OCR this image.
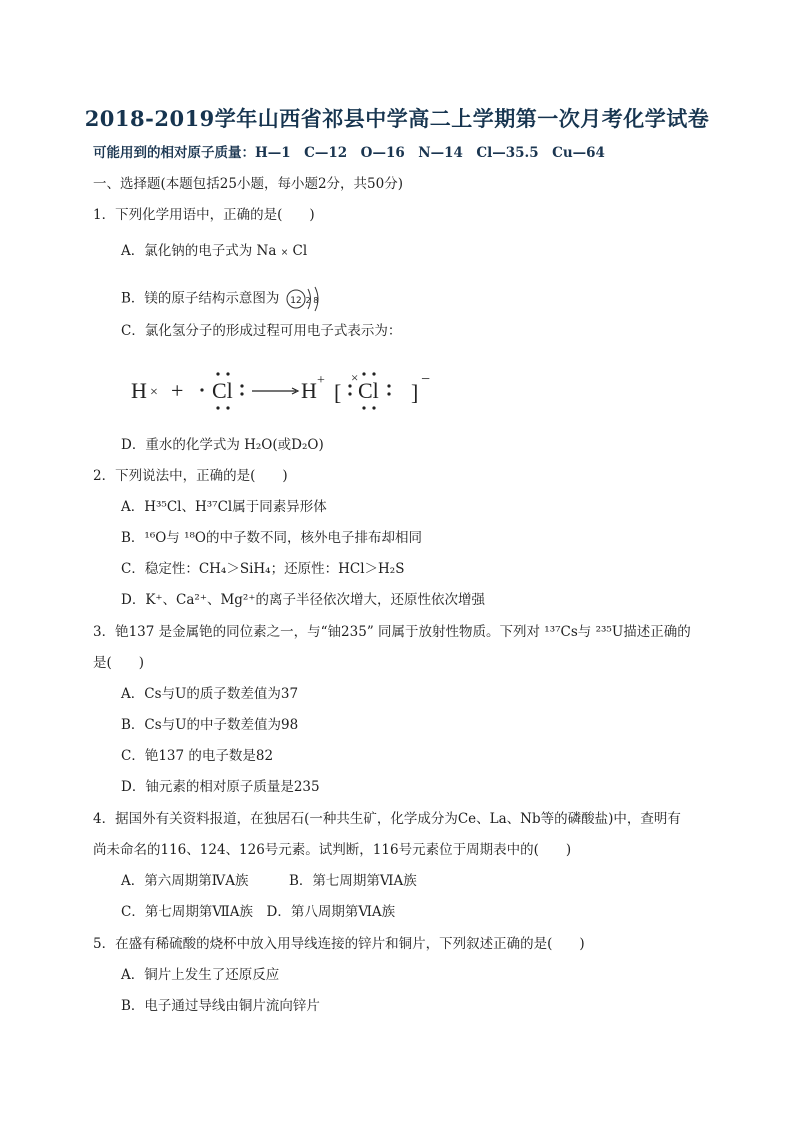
2018-2019学年山西省祁县中学高二上学期第一次月考化学试卷
可能用到的相对原子质量：H—1　C—12　O—16　N—14　Cl—35.5　Cu—64
一、选择题(本题包括25小题，每小题2分，共50分)
1．下列化学用语中，正确的是(　　)
A．氯化钠的电子式为 Na × Cl
B．镁的原子结构示意图为 12 2 8
C．氯化氢分子的形成过程可用电子式表示为：
H × + Cl	H + [
×
Cl ]
−
D．重水的化学式为 H₂O(或D₂O)
2．下列说法中，正确的是(　　)
A．H³⁵Cl、H³⁷Cl属于同素异形体
B．¹⁶O与 ¹⁸O的中子数不同，核外电子排布却相同
C．稳定性：CH₄＞SiH₄；还原性：HCl＞H₂S
D．K⁺、Ca²⁺、Mg²⁺的离子半径依次增大，还原性依次增强
3．铯137 是金属铯的同位素之一，与“铀235” 同属于放射性物质。下列对 ¹³⁷Cs与 ²³⁵U描述正确的
是(　　)
A．Cs与U的质子数差值为37
B．Cs与U的中子数差值为98
C．铯137 的电子数是82
D．铀元素的相对原子质量是235
4．据国外有关资料报道，在独居石(一种共生矿，化学成分为Ce、La、Nb等的磷酸盐)中，查明有
尚未命名的116、124、126号元素。试判断，116号元素位于周期表中的(　　)
A．第六周期第ⅣA族　　　B．第七周期第ⅥA族
C．第七周期第ⅦA族　D．第八周期第ⅥA族
5．在盛有稀硫酸的烧杯中放入用导线连接的锌片和铜片，下列叙述正确的是(　　)
A．铜片上发生了还原反应
B．电子通过导线由铜片流向锌片
